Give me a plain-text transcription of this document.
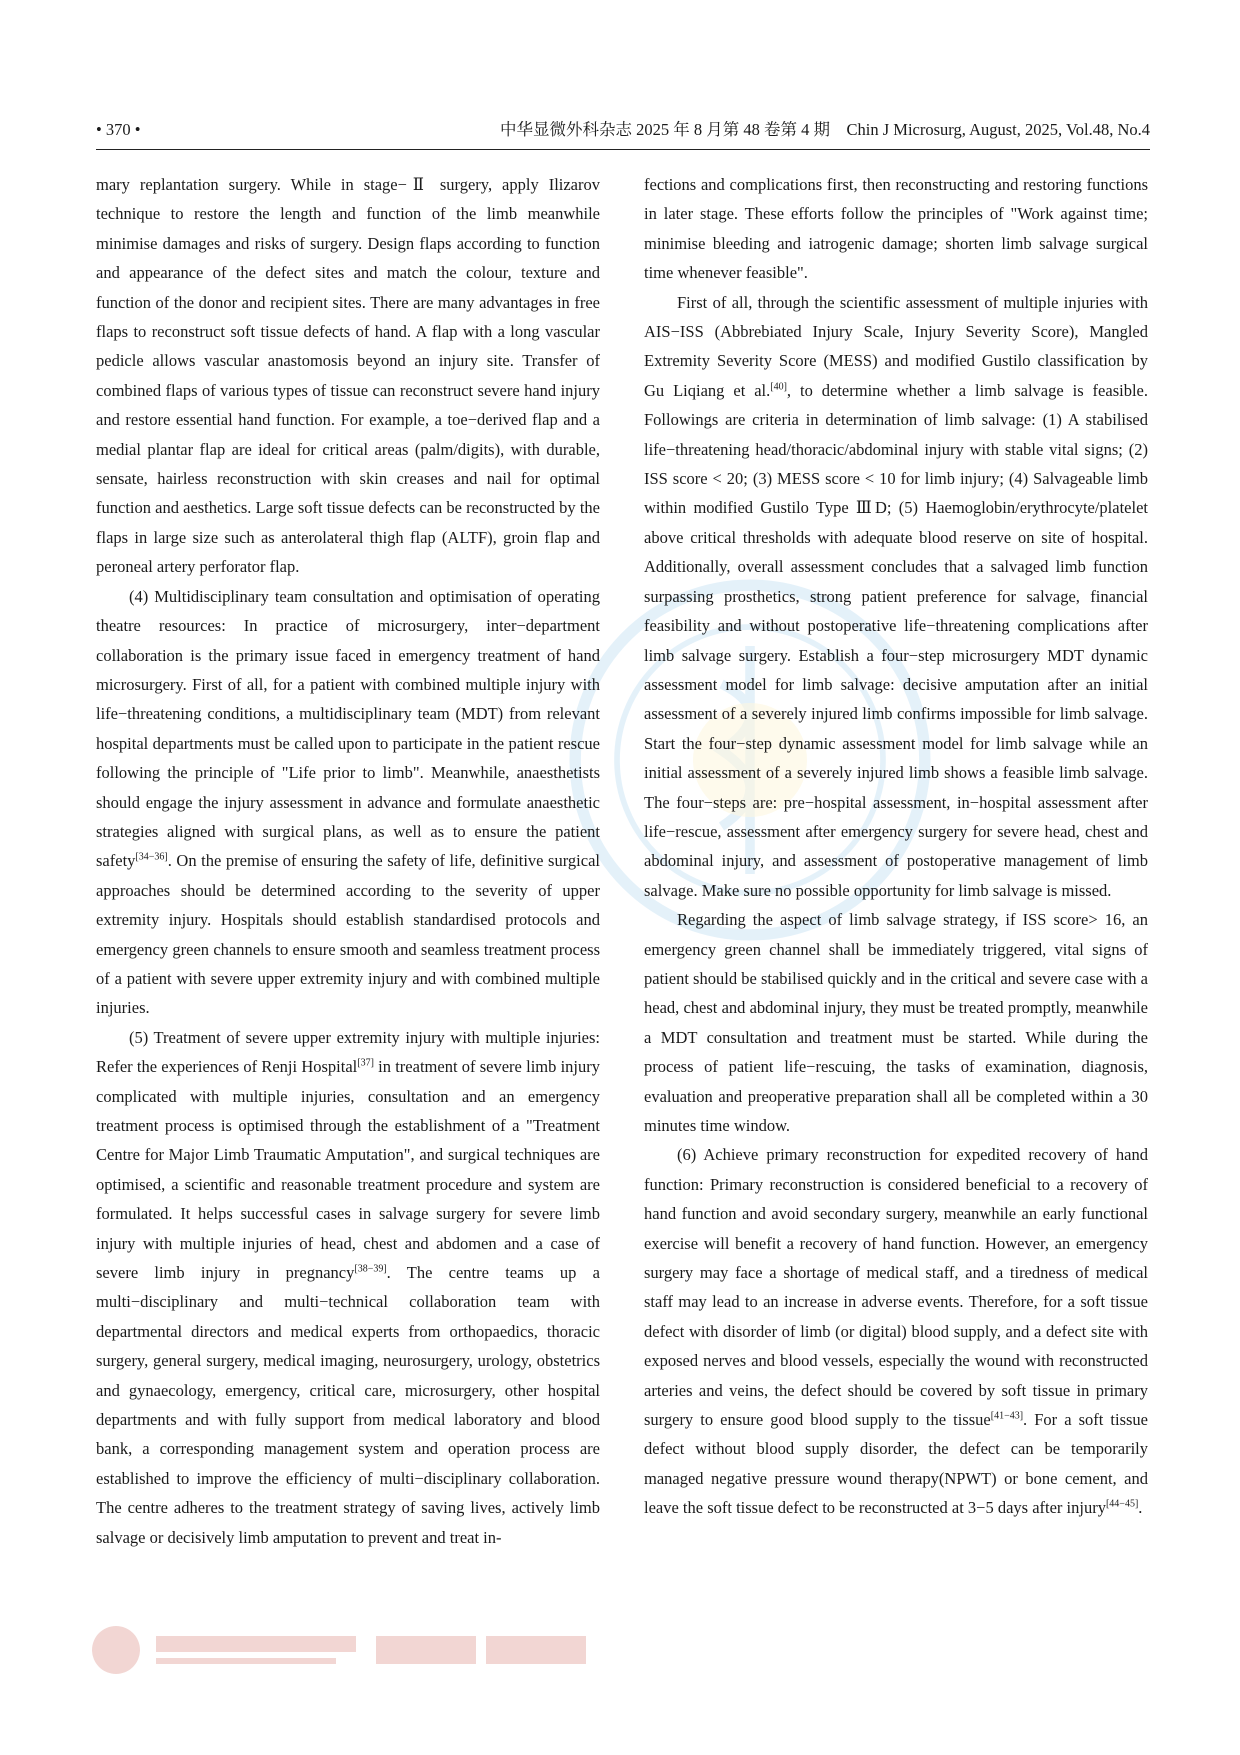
• 370 •	中华显微外科杂志 2025 年 8 月第 48 卷第 4 期　Chin J Microsurg, August, 2025, Vol.48, No.4

mary replantation surgery. While in stage−Ⅱ surgery, apply Ilizarov technique to restore the length and function of the limb meanwhile minimise damages and risks of surgery. Design flaps according to function and appearance of the defect sites and match the colour, texture and function of the donor and recipient sites. There are many advantages in free flaps to reconstruct soft tissue defects of hand. A flap with a long vascular pedicle allows vascular anastomosis beyond an injury site. Transfer of combined flaps of various types of tissue can reconstruct severe hand injury and restore essential hand function. For example, a toe−derived flap and a medial plantar flap are ideal for critical areas (palm/digits), with durable, sensate, hairless reconstruction with skin creases and nail for optimal function and aesthetics. Large soft tissue defects can be reconstructed by the flaps in large size such as anterolateral thigh flap (ALTF), groin flap and peroneal artery perforator flap.

(4) Multidisciplinary team consultation and optimisation of operating theatre resources: In practice of microsurgery, inter−department collaboration is the primary issue faced in emergency treatment of hand microsurgery. First of all, for a patient with combined multiple injury with life−threatening conditions, a multidisciplinary team (MDT) from relevant hospital departments must be called upon to participate in the patient rescue following the principle of "Life prior to limb". Meanwhile, anaesthetists should engage the injury assessment in advance and formulate anaesthetic strategies aligned with surgical plans, as well as to ensure the patient safety[34−36]. On the premise of ensuring the safety of life, definitive surgical approaches should be determined according to the severity of upper extremity injury. Hospitals should establish standardised protocols and emergency green channels to ensure smooth and seamless treatment process of a patient with severe upper extremity injury and with combined multiple injuries.

(5) Treatment of severe upper extremity injury with multiple injuries: Refer the experiences of Renji Hospital[37] in treatment of severe limb injury complicated with multiple injuries, consultation and an emergency treatment process is optimised through the establishment of a "Treatment Centre for Major Limb Traumatic Amputation", and surgical techniques are optimised, a scientific and reasonable treatment procedure and system are formulated. It helps successful cases in salvage surgery for severe limb injury with multiple injuries of head, chest and abdomen and a case of severe limb injury in pregnancy[38−39]. The centre teams up a multi−disciplinary and multi−technical collaboration team with departmental directors and medical experts from orthopaedics, thoracic surgery, general surgery, medical imaging, neurosurgery, urology, obstetrics and gynaecology, emergency, critical care, microsurgery, other hospital departments and with fully support from medical laboratory and blood bank, a corresponding management system and operation process are established to improve the efficiency of multi−disciplinary collaboration. The centre adheres to the treatment strategy of saving lives, actively limb salvage or decisively limb amputation to prevent and treat in-

fections and complications first, then reconstructing and restoring functions in later stage. These efforts follow the principles of "Work against time; minimise bleeding and iatrogenic damage; shorten limb salvage surgical time whenever feasible".

First of all, through the scientific assessment of multiple injuries with AIS−ISS (Abbrebiated Injury Scale, Injury Severity Score), Mangled Extremity Severity Score (MESS) and modified Gustilo classification by Gu Liqiang et al.[40], to determine whether a limb salvage is feasible. Followings are criteria in determination of limb salvage: (1) A stabilised life−threatening head/thoracic/abdominal injury with stable vital signs; (2) ISS score < 20; (3) MESS score < 10 for limb injury; (4) Salvageable limb within modified Gustilo Type ⅢD; (5) Haemoglobin/erythrocyte/platelet above critical thresholds with adequate blood reserve on site of hospital. Additionally, overall assessment concludes that a salvaged limb function surpassing prosthetics, strong patient preference for salvage, financial feasibility and without postoperative life−threatening complications after limb salvage surgery. Establish a four−step microsurgery MDT dynamic assessment model for limb salvage: decisive amputation after an initial assessment of a severely injured limb confirms impossible for limb salvage. Start the four−step dynamic assessment model for limb salvage while an initial assessment of a severely injured limb shows a feasible limb salvage. The four−steps are: pre−hospital assessment, in−hospital assessment after life−rescue, assessment after emergency surgery for severe head, chest and abdominal injury, and assessment of postoperative management of limb salvage. Make sure no possible opportunity for limb salvage is missed.

Regarding the aspect of limb salvage strategy, if ISS score> 16, an emergency green channel shall be immediately triggered, vital signs of patient should be stabilised quickly and in the critical and severe case with a head, chest and abdominal injury, they must be treated promptly, meanwhile a MDT consultation and treatment must be started. While during the process of patient life−rescuing, the tasks of examination, diagnosis, evaluation and preoperative preparation shall all be completed within a 30 minutes time window.

(6) Achieve primary reconstruction for expedited recovery of hand function: Primary reconstruction is considered beneficial to a recovery of hand function and avoid secondary surgery, meanwhile an early functional exercise will benefit a recovery of hand function. However, an emergency surgery may face a shortage of medical staff, and a tiredness of medical staff may lead to an increase in adverse events. Therefore, for a soft tissue defect with disorder of limb (or digital) blood supply, and a defect site with exposed nerves and blood vessels, especially the wound with reconstructed arteries and veins, the defect should be covered by soft tissue in primary surgery to ensure good blood supply to the tissue[41−43]. For a soft tissue defect without blood supply disorder, the defect can be temporarily managed negative pressure wound therapy(NPWT) or bone cement, and leave the soft tissue defect to be reconstructed at 3−5 days after injury[44−45].
